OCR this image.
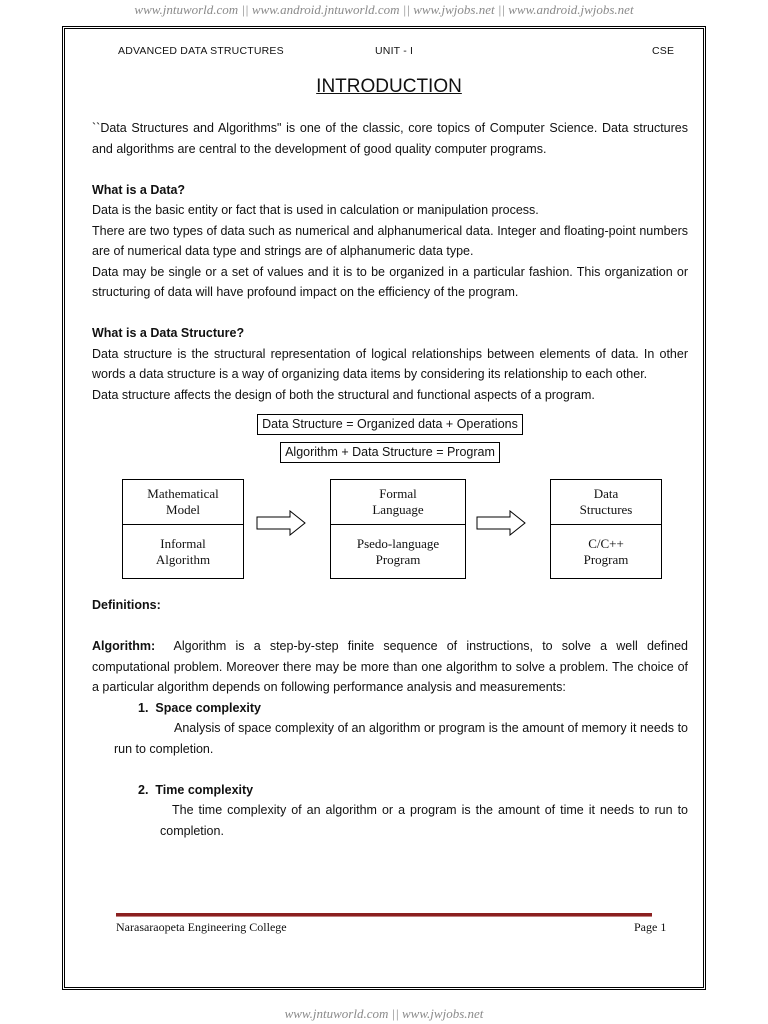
www.jntuworld.com || www.android.jntuworld.com || www.jwjobs.net || www.android.jwjobs.net
ADVANCED DATA STRUCTURES	UNIT - I	CSE
INTRODUCTION

``Data Structures and Algorithms" is one of the classic, core topics of Computer Science. Data structures and algorithms are central to the development of good quality computer programs.

What is a Data?

Data is the basic entity or fact that is used in calculation or manipulation process.

There are two types of data such as numerical and alphanumerical data. Integer and floating-point numbers are of numerical data type and strings are of alphanumeric data type.

Data may be single or a set of values and it is to be organized in a particular fashion. This organization or structuring of data will have profound impact on the efficiency of the program.

What is a Data Structure?

Data structure is the structural representation of logical relationships between elements of data. In other words a data structure is a way of organizing data items by considering its relationship to each other.

Data structure affects the design of both the structural and functional aspects of a program.

Data Structure = Organized data + Operations
Algorithm + Data Structure = Program
Mathematical
Model
Informal
Algorithm
Formal
Language
Psedo-language
Program
Data
Structures
C/C++
Program

Definitions:

Algorithm: Algorithm is a step-by-step finite sequence of instructions, to solve a well defined computational problem. Moreover there may be more than one algorithm to solve a problem. The choice of a particular algorithm depends on following performance analysis and measurements:

1. Space complexity

Analysis of space complexity of an algorithm or program is the amount of memory it needs to run to completion.

2. Time complexity

The time complexity of an algorithm or a program is the amount of time it needs to run to completion.

Narasaraopeta Engineering College	Page 1
www.jntuworld.com || www.jwjobs.net
